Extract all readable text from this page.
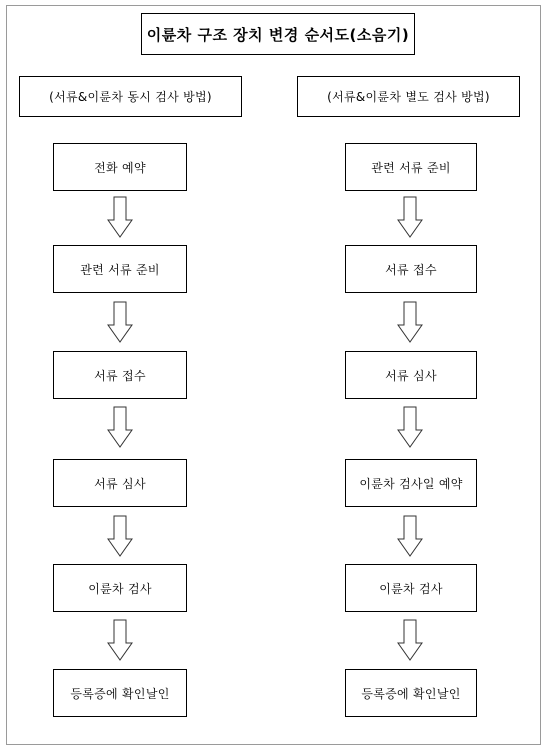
이륜차 구조 장치 변경 순서도(소음기)
(서류&이륜차 동시 검사 방법)	(서류&이륜차 별도 검사 방법)
전화 예약
관련 서류 준비
서류 접수
서류 심사
이륜차 검사
등록증에 확인날인
관련 서류 준비
서류 접수
서류 심사
이륜차 검사일 예약
이륜차 검사
등록증에 확인날인
